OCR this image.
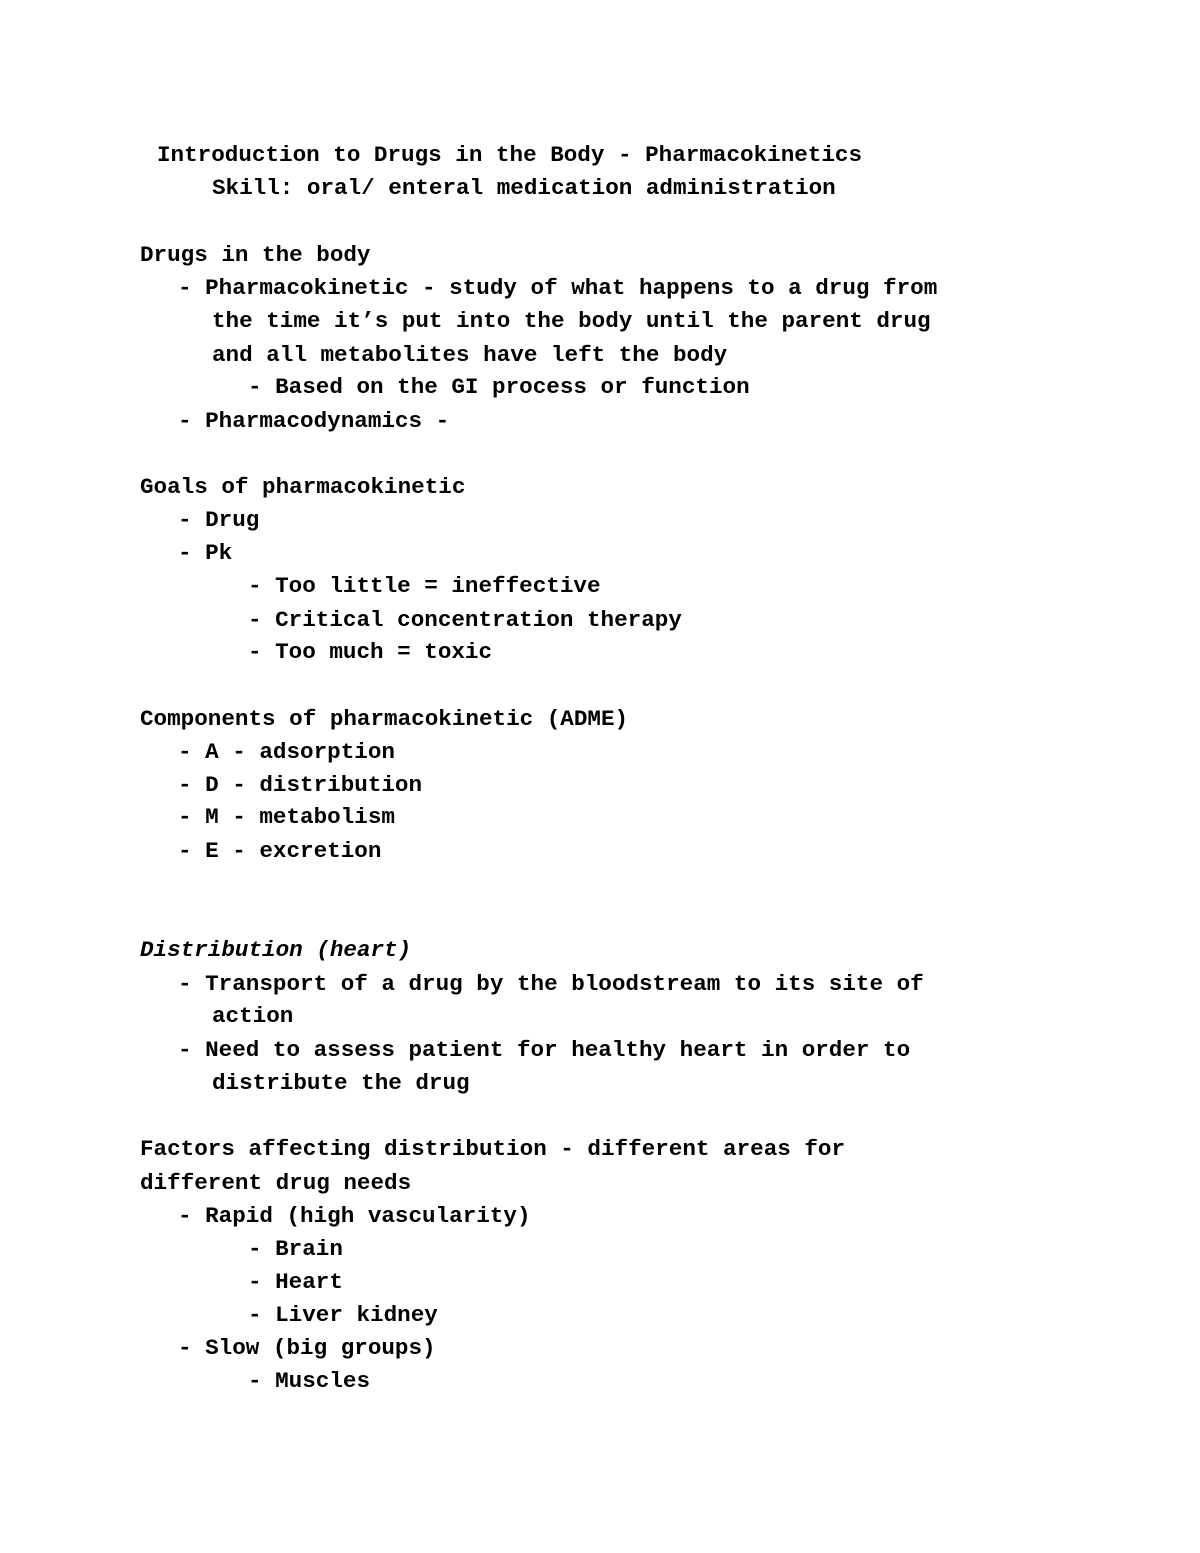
Introduction to Drugs in the Body - Pharmacokinetics
Skill: oral/ enteral medication administration
Drugs in the body
- Pharmacokinetic - study of what happens to a drug from
the time it’s put into the body until the parent drug
and all metabolites have left the body
- Based on the GI process or function
- Pharmacodynamics -
Goals of pharmacokinetic
- Drug
- Pk
- Too little = ineffective
- Critical concentration therapy
- Too much = toxic
Components of pharmacokinetic (ADME)
- A - adsorption
- D - distribution
- M - metabolism
- E - excretion
Distribution (heart)
- Transport of a drug by the bloodstream to its site of
action
- Need to assess patient for healthy heart in order to
distribute the drug
Factors affecting distribution - different areas for
different drug needs
- Rapid (high vascularity)
- Brain
- Heart
- Liver kidney
- Slow (big groups)
- Muscles
